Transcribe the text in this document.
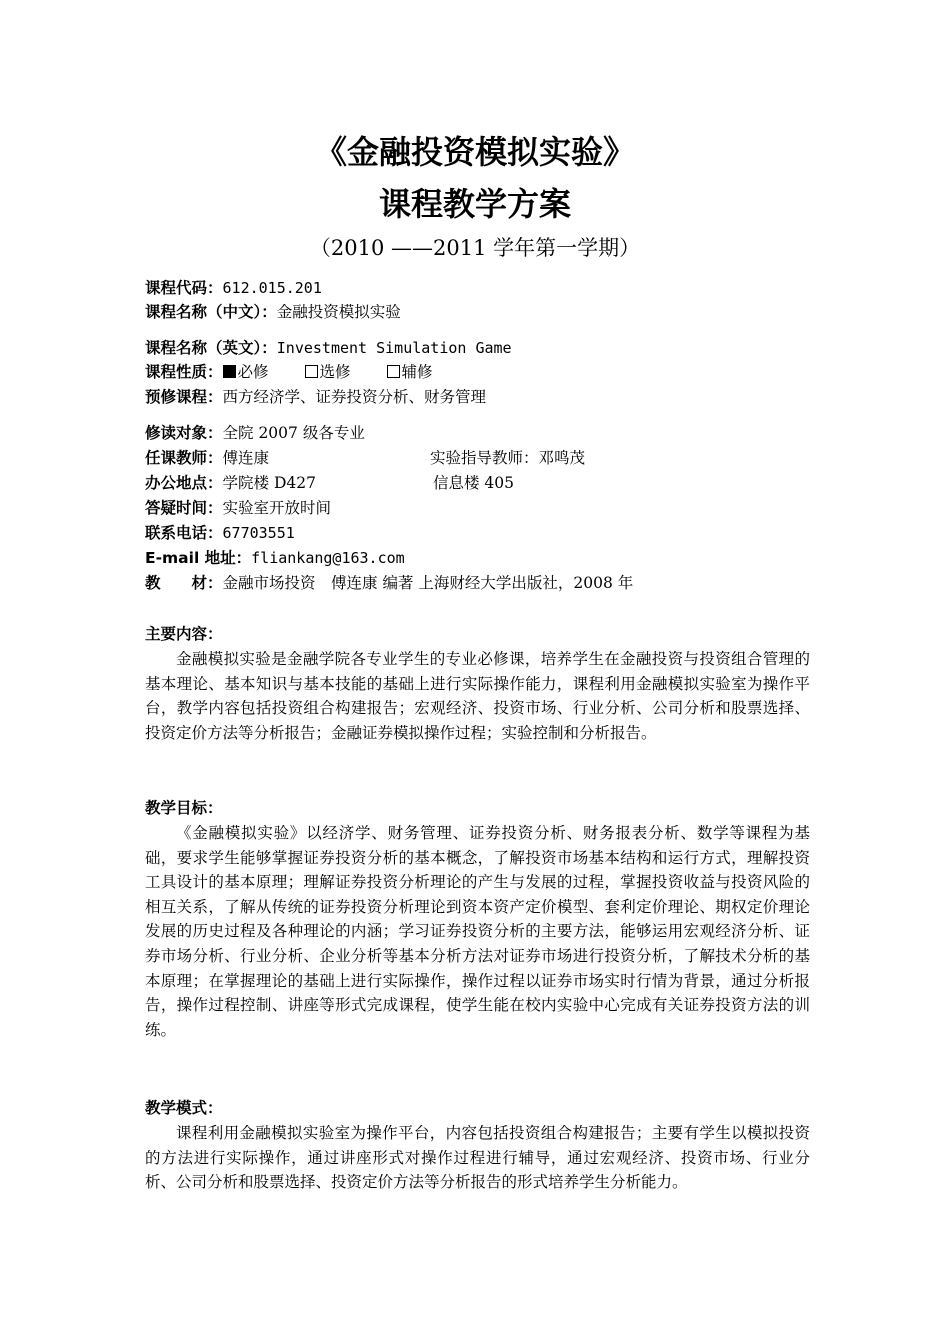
《金融投资模拟实验》
课程教学方案
（2010 ——2011 学年第一学期）
课程代码：612.015.201
课程名称（中文）：金融投资模拟实验
课程名称（英文）：Investment Simulation Game
课程性质： 必修	选修	辅修
预修课程：西方经济学、证券投资分析、财务管理
修读对象：全院 2007 级各专业
任课教师：傅连康	实验指导教师：邓鸣茂
办公地点：学院楼 D427	信息楼 405
答疑时间：实验室开放时间
联系电话：67703551
E-mail 地址：fliankang@163.com
教　　材：金融市场投资　傅连康 编著 上海财经大学出版社，2008 年
主要内容：

金融模拟实验是金融学院各专业学生的专业必修课，培养学生在金融投资与投资组合管理的基本理论、基本知识与基本技能的基础上进行实际操作能力，课程利用金融模拟实验室为操作平台，教学内容包括投资组合构建报告；宏观经济、投资市场、行业分析、公司分析和股票选择、投资定价方法等分析报告；金融证券模拟操作过程；实验控制和分析报告。

教学目标：

《金融模拟实验》以经济学、财务管理、证券投资分析、财务报表分析、数学等课程为基础，要求学生能够掌握证券投资分析的基本概念，了解投资市场基本结构和运行方式，理解投资工具设计的基本原理；理解证券投资分析理论的产生与发展的过程，掌握投资收益与投资风险的相互关系，了解从传统的证券投资分析理论到资本资产定价模型、套利定价理论、期权定价理论发展的历史过程及各种理论的内涵；学习证券投资分析的主要方法，能够运用宏观经济分析、证券市场分析、行业分析、企业分析等基本分析方法对证券市场进行投资分析，了解技术分析的基本原理；在掌握理论的基础上进行实际操作，操作过程以证券市场实时行情为背景，通过分析报告，操作过程控制、讲座等形式完成课程，使学生能在校内实验中心完成有关证券投资方法的训练。

教学模式：

课程利用金融模拟实验室为操作平台，内容包括投资组合构建报告；主要有学生以模拟投资的方法进行实际操作，通过讲座形式对操作过程进行辅导，通过宏观经济、投资市场、行业分析、公司分析和股票选择、投资定价方法等分析报告的形式培养学生分析能力。
